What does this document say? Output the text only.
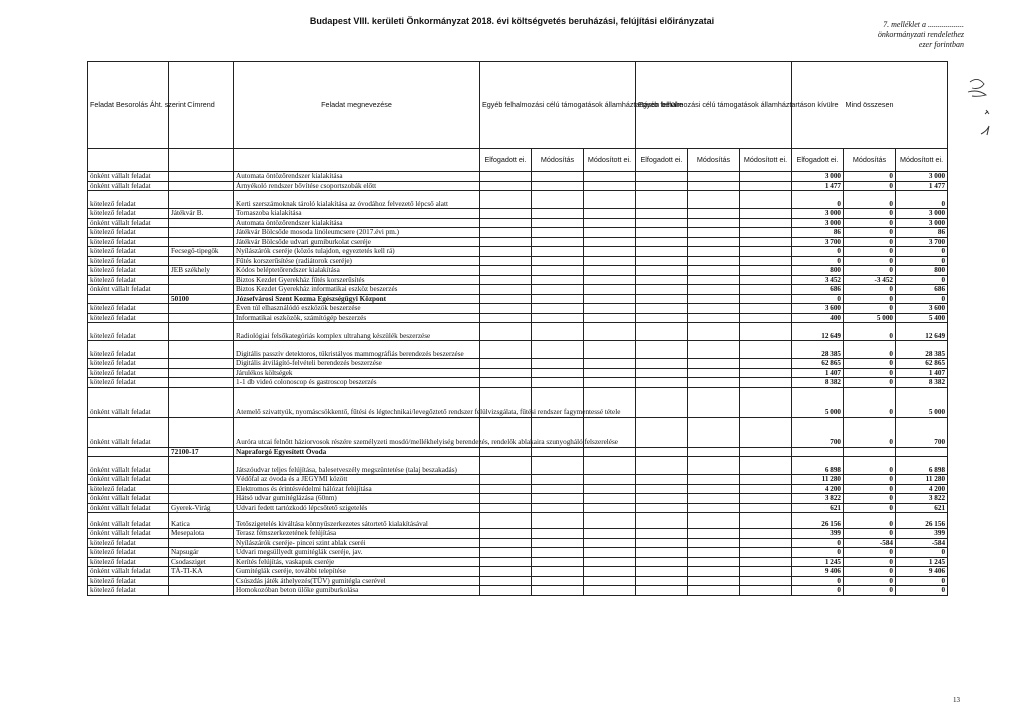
Budapest VIII. kerületi Önkormányzat 2018. évi költségvetés beruházási, felújítási előirányzatai	7. melléklet a ..................
önkormányzati rendelethez
ezer forintban
Feladat Besorolás Áht. szerint	Címrend	Feladat megnevezése	Egyéb felhalmozási célú támogatások államháztartáson belülre			Egyéb felhalmozási célú támogatások államháztartáson kívülre			Mind összesen		
			Elfogadott ei.	Módosítás	Módosított ei.	Elfogadott ei.	Módosítás	Módosított ei.	Elfogadott ei.	Módosítás	Módosított ei.
önként vállalt feladat		Automata öntözőrendszer kialakítása							3 000	0	3 000
önként vállalt feladat		Árnyékoló rendszer bővítése csoportszobák előtt							1 477	0	1 477
kötelező feladat		Kerti szerszámoknak tároló kialakítása az óvodához felvezető lépcső alatt							0	0	0
kötelező feladat	Játékvár B.	Tornaszoba kialakítása							3 000	0	3 000
önként vállalt feladat		Automata öntözőrendszer kialakítása							3 000	0	3 000
kötelező feladat		Játékvár Bölcsőde mosoda linóleumcsere (2017.évi pm.)							86	0	86
kötelező feladat		Játékvár Bölcsőde udvari gumiburkolat cseréje							3 700	0	3 700
kötelező feladat	Fecsegő-tipegők	Nyílászárók cseréje (közös tulajdon, egyeztetés kell rá)							0	0	0
kötelező feladat		Fűtés korszerűsítése (radiátorok cseréje)							0	0	0
kötelező feladat	JEB székhely	Kódos beléptetőrendszer kialakítása							800	0	800
kötelező feladat		Biztos Kezdet Gyerekház fűtés korszerűsítés							3 452	-3 452	0
önként vállalt feladat		Biztos Kezdet Gyerekház informatikai eszköz beszerzés							686	0	686
	50100	Józsefvárosi Szent Kozma Egészségügyi Központ							0	0	0
kötelező feladat		Éven túl elhasználódó eszközök beszerzése							3 600	0	3 600
kötelező feladat		Informatikai eszközök, számítógép beszerzés							400	5 000	5 400
kötelező feladat		Radiológiai felsőkategóriás komplex ultrahang készülék beszerzése							12 649	0	12 649
kötelező feladat		Digitális passzív detektoros, tükristályos mammográfiás berendezés beszerzése							28 385	0	28 385
kötelező feladat		Digitális átvilágító-felvételi berendezés beszerzése							62 865	0	62 865
kötelező feladat		Járulékos költségek							1 407	0	1 407
kötelező feladat		1-1 db videó colonoscop és gastroscop beszerzés							8 382	0	8 382
önként vállalt feladat		Atemelő szivattyúk, nyomáscsökkentő, fűtési és légtechnikai/levegőztető rendszer felülvizsgálata, fűtési rendszer fagymentessé tétele							5 000	0	5 000
önként vállalt feladat		Auróra utcai felnőtt háziorvosok részére személyzeti mosdó/mellékhelyiség berendezés, rendelők ablakaira szunyogháló felszerelése							700	0	700
	72100-17	Napraforgó Egyesített Óvoda									
önként vállalt feladat		Játszóudvar teljes felújítása, balesetveszély megszüntetése (talaj beszakadás)							6 898	0	6 898
önként vállalt feladat		Védőfal az óvoda és a JEGYMI között							11 280	0	11 280
kötelező feladat		Elektromos és érintésvédelmi hálózat felújítása							4 200	0	4 200
önként vállalt feladat		Hátsó udvar gumitéglázása (60nm)							3 822	0	3 822
önként vállalt feladat	Gyerek-Virág	Udvari fedett tartózkodó lépcsőtető szigetelés							621	0	621
önként vállalt feladat	Katica	Tetőszigetelés kiváltása könnyűszerkezetes sátortető kialakításával							26 156	0	26 156
önként vállalt feladat	Mesepalota	Terasz fémszerkezetének felújítása							399	0	399
kötelező feladat		Nyílászárók cseréje- pincei szint ablak cseréi							0	-584	-584
kötelező feladat	Napsugár	Udvari megsüllyedt gumitéglák cseréje, jav.							0	0	0
kötelező feladat	Csodasziget	Kerítés felújítás, vaskapuk cseréje							1 245	0	1 245
önként vállalt feladat	TÁ-TI-KA	Gumitéglák cseréje, további telepítése							9 406	0	9 406
kötelező feladat		Csúszdás játék áthelyezés(TÜV) gumitégla cserével							0	0	0
kötelező feladat		Homokozóban beton ülőke gumiburkolása							0	0	0
13
